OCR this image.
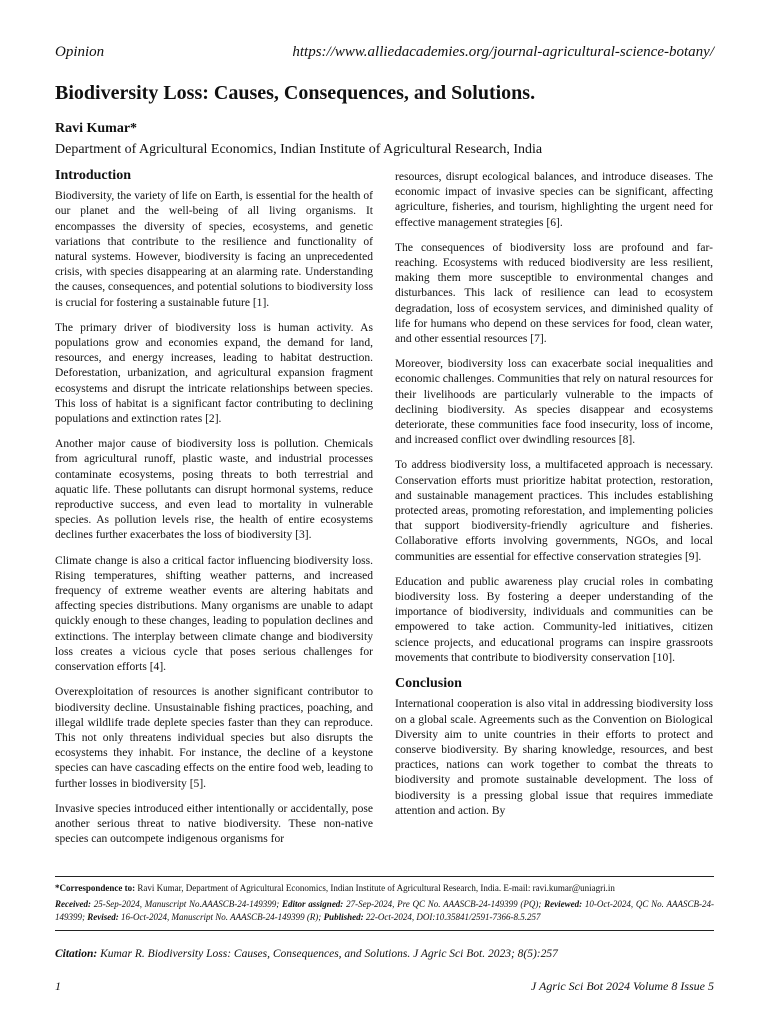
Opinion	https://www.alliedacademies.org/journal-agricultural-science-botany/
Biodiversity Loss: Causes, Consequences, and Solutions.
Ravi Kumar*
Department of Agricultural Economics, Indian Institute of Agricultural Research, India
Introduction

Biodiversity, the variety of life on Earth, is essential for the health of our planet and the well-being of all living organisms. It encompasses the diversity of species, ecosystems, and genetic variations that contribute to the resilience and functionality of natural systems. However, biodiversity is facing an unprecedented crisis, with species disappearing at an alarming rate. Understanding the causes, consequences, and potential solutions to biodiversity loss is crucial for fostering a sustainable future [1].

The primary driver of biodiversity loss is human activity. As populations grow and economies expand, the demand for land, resources, and energy increases, leading to habitat destruction. Deforestation, urbanization, and agricultural expansion fragment ecosystems and disrupt the intricate relationships between species. This loss of habitat is a significant factor contributing to declining populations and extinction rates [2].

Another major cause of biodiversity loss is pollution. Chemicals from agricultural runoff, plastic waste, and industrial processes contaminate ecosystems, posing threats to both terrestrial and aquatic life. These pollutants can disrupt hormonal systems, reduce reproductive success, and even lead to mortality in vulnerable species. As pollution levels rise, the health of entire ecosystems declines further exacerbates the loss of biodiversity [3].

Climate change is also a critical factor influencing biodiversity loss. Rising temperatures, shifting weather patterns, and increased frequency of extreme weather events are altering habitats and affecting species distributions. Many organisms are unable to adapt quickly enough to these changes, leading to population declines and extinctions. The interplay between climate change and biodiversity loss creates a vicious cycle that poses serious challenges for conservation efforts [4].

Overexploitation of resources is another significant contributor to biodiversity decline. Unsustainable fishing practices, poaching, and illegal wildlife trade deplete species faster than they can reproduce. This not only threatens individual species but also disrupts the ecosystems they inhabit. For instance, the decline of a keystone species can have cascading effects on the entire food web, leading to further losses in biodiversity [5].

Invasive species introduced either intentionally or accidentally, pose another serious threat to native biodiversity. These non-native species can outcompete indigenous organisms for

resources, disrupt ecological balances, and introduce diseases. The economic impact of invasive species can be significant, affecting agriculture, fisheries, and tourism, highlighting the urgent need for effective management strategies [6].

The consequences of biodiversity loss are profound and far-reaching. Ecosystems with reduced biodiversity are less resilient, making them more susceptible to environmental changes and disturbances. This lack of resilience can lead to ecosystem degradation, loss of ecosystem services, and diminished quality of life for humans who depend on these services for food, clean water, and other essential resources [7].

Moreover, biodiversity loss can exacerbate social inequalities and economic challenges. Communities that rely on natural resources for their livelihoods are particularly vulnerable to the impacts of declining biodiversity. As species disappear and ecosystems deteriorate, these communities face food insecurity, loss of income, and increased conflict over dwindling resources [8].

To address biodiversity loss, a multifaceted approach is necessary. Conservation efforts must prioritize habitat protection, restoration, and sustainable management practices. This includes establishing protected areas, promoting reforestation, and implementing policies that support biodiversity-friendly agriculture and fisheries. Collaborative efforts involving governments, NGOs, and local communities are essential for effective conservation strategies [9].

Education and public awareness play crucial roles in combating biodiversity loss. By fostering a deeper understanding of the importance of biodiversity, individuals and communities can be empowered to take action. Community-led initiatives, citizen science projects, and educational programs can inspire grassroots movements that contribute to biodiversity conservation [10].

Conclusion

International cooperation is also vital in addressing biodiversity loss on a global scale. Agreements such as the Convention on Biological Diversity aim to unite countries in their efforts to protect and conserve biodiversity. By sharing knowledge, resources, and best practices, nations can work together to combat the threats to biodiversity and promote sustainable development. The loss of biodiversity is a pressing global issue that requires immediate attention and action. By

*Correspondence to: Ravi Kumar, Department of Agricultural Economics, Indian Institute of Agricultural Research, India. E-mail: ravi.kumar@uniagri.in
Received: 25-Sep-2024, Manuscript No.AAASCB-24-149399; Editor assigned: 27-Sep-2024, Pre QC No. AAASCB-24-149399 (PQ); Reviewed: 10-Oct-2024, QC No. AAASCB-24-149399; Revised: 16-Oct-2024, Manuscript No. AAASCB-24-149399 (R); Published: 22-Oct-2024, DOI:10.35841/2591-7366-8.5.257
Citation: Kumar R. Biodiversity Loss: Causes, Consequences, and Solutions. J Agric Sci Bot. 2023; 8(5):257
1	J Agric Sci Bot 2024 Volume 8 Issue 5
